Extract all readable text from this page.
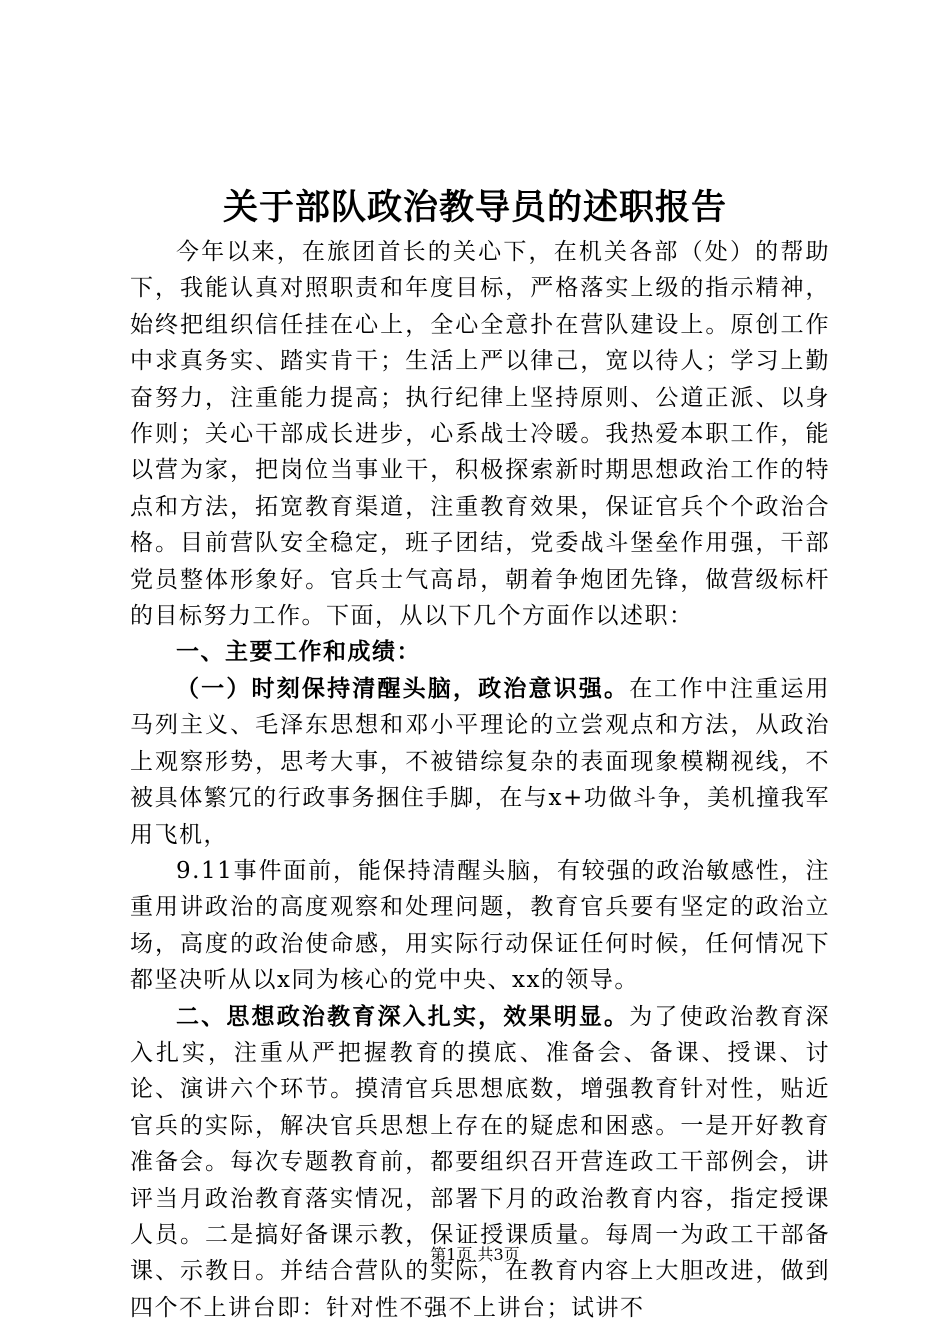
关于部队政治教导员的述职报告

今年以来，在旅团首长的关心下，在机关各部（处）的帮助下，我能认真对照职责和年度目标，严格落实上级的指示精神，始终把组织信任挂在心上，全心全意扑在营队建设上。原创工作中求真务实、踏实肯干；生活上严以律己，宽以待人；学习上勤奋努力，注重能力提高；执行纪律上坚持原则、公道正派、以身作则；关心干部成长进步，心系战士冷暖。我热爱本职工作，能以营为家，把岗位当事业干，积极探索新时期思想政治工作的特点和方法，拓宽教育渠道，注重教育效果，保证官兵个个政治合格。目前营队安全稳定，班子团结，党委战斗堡垒作用强，干部党员整体形象好。官兵士气高昂，朝着争炮团先锋，做营级标杆的目标努力工作。下面，从以下几个方面作以述职：

一、主要工作和成绩：

（一）时刻保持清醒头脑，政治意识强。在工作中注重运用马列主义、毛泽东思想和邓小平理论的立尝观点和方法，从政治上观察形势，思考大事，不被错综复杂的表面现象模糊视线，不被具体繁冗的行政事务捆住手脚，在与x+功做斗争，美机撞我军用飞机，

9.11事件面前，能保持清醒头脑，有较强的政治敏感性，注重用讲政治的高度观察和处理问题，教育官兵要有坚定的政治立场，高度的政治使命感，用实际行动保证任何时候，任何情况下都坚决听从以x同为核心的党中央、xx的领导。

二、思想政治教育深入扎实，效果明显。为了使政治教育深入扎实，注重从严把握教育的摸底、准备会、备课、授课、讨论、演讲六个环节。摸清官兵思想底数，增强教育针对性，贴近官兵的实际，解决官兵思想上存在的疑虑和困惑。一是开好教育准备会。每次专题教育前，都要组织召开营连政工干部例会，讲评当月政治教育落实情况，部署下月的政治教育内容，指定授课人员。二是搞好备课示教，保证授课质量。每周一为政工干部备课、示教日。并结合营队的实际，在教育内容上大胆改进，做到四个不上讲台即：针对性不强不上讲台；试讲不

第1页 共3页
